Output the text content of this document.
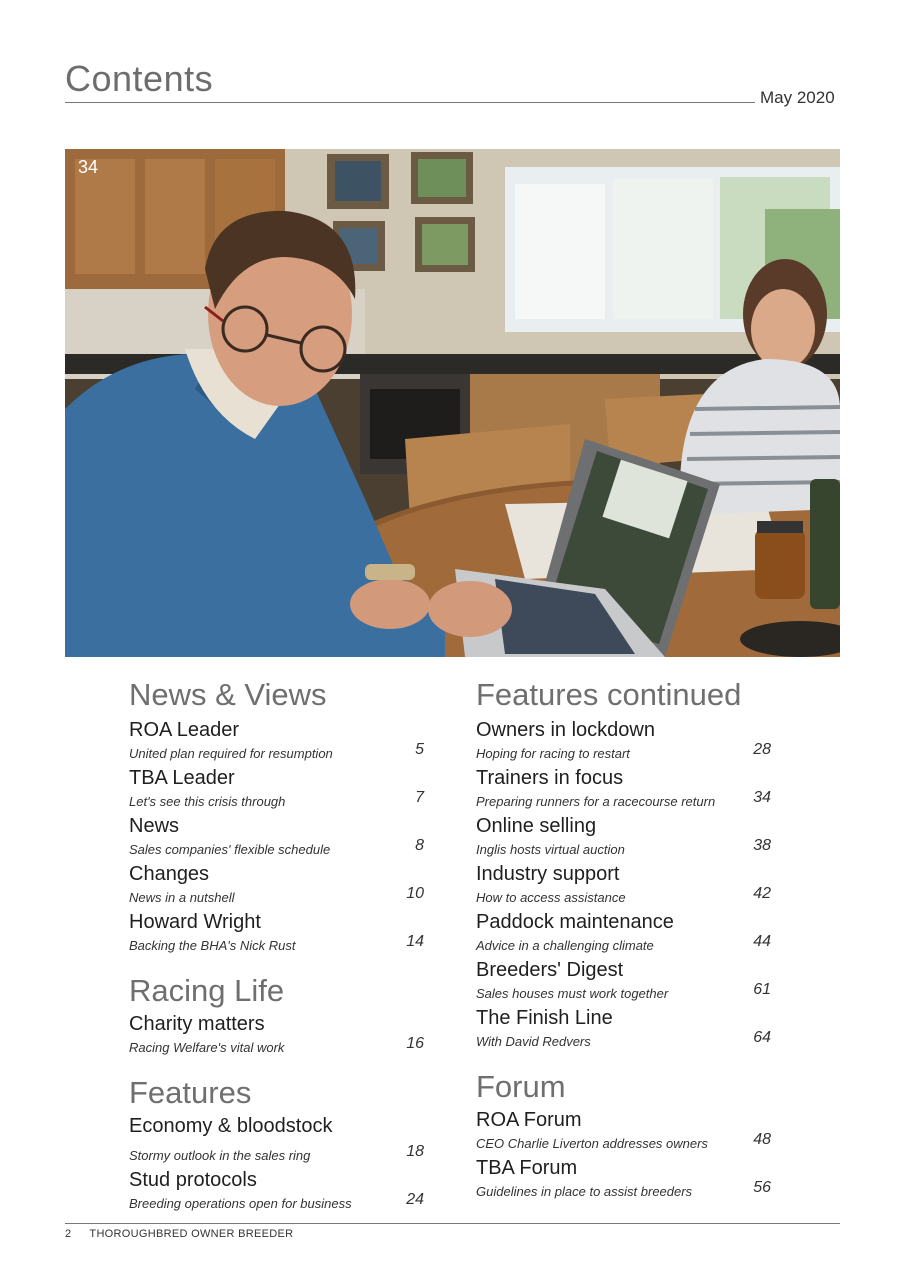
Contents	May 2020
34
News & Views
ROA Leader
United plan required for resumption	5
TBA Leader
Let's see this crisis through	7
News
Sales companies' flexible schedule	8
Changes
News in a nutshell	10
Howard Wright
Backing the BHA's Nick Rust	14
Racing Life
Charity matters
Racing Welfare's vital work	16
Features
Economy & bloodstock
Stormy outlook in the sales ring	18
Stud protocols
Breeding operations open for business	24
Features continued
Owners in lockdown
Hoping for racing to restart	28
Trainers in focus
Preparing runners for a racecourse return 34
Online selling
Inglis hosts virtual auction	38
Industry support
How to access assistance	42
Paddock maintenance
Advice in a challenging climate	44
Breeders' Digest
Sales houses must work together	61
The Finish Line
With David Redvers	64
Forum
ROA Forum
CEO Charlie Liverton addresses owners	48
TBA Forum
Guidelines in place to assist breeders	56
2 THOROUGHBRED OWNER BREEDER
